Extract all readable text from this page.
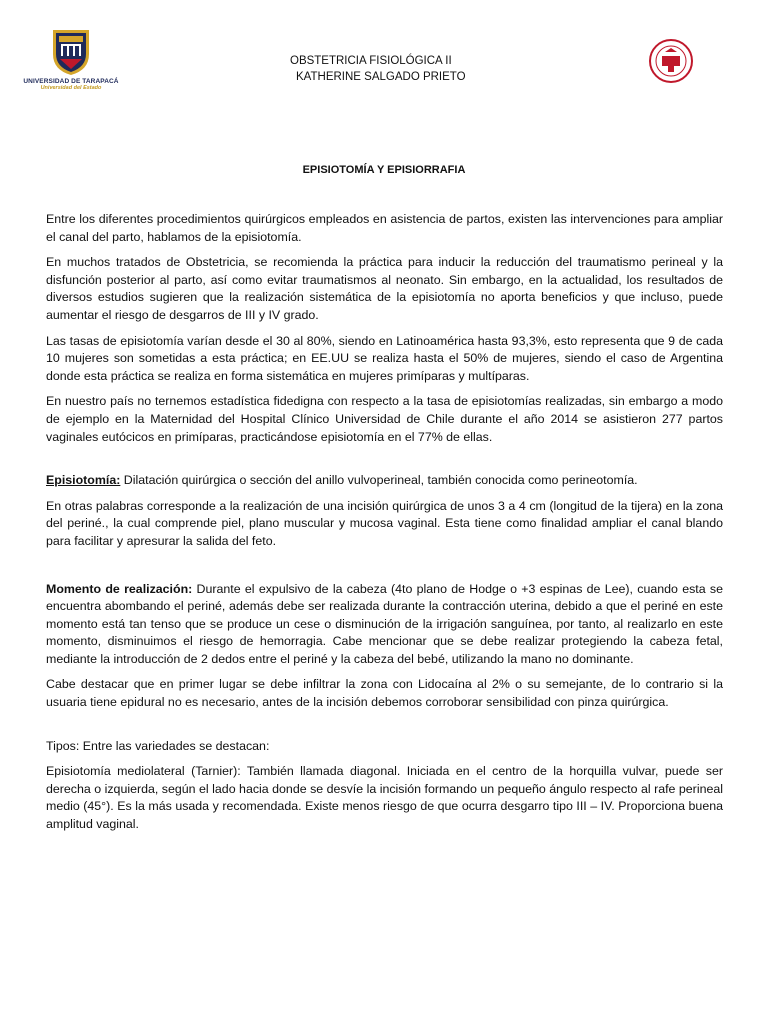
UNIVERSIDAD DE TARAPACÁ
Universidad del Estado
OBSTETRICIA FISIOLÓGICA II
KATHERINE SALGADO PRIETO
EPISIOTOMÍA Y EPISIORRAFIA

Entre los diferentes procedimientos quirúrgicos empleados en asistencia de partos, existen las intervenciones para ampliar el canal del parto, hablamos de la episiotomía.

En muchos tratados de Obstetricia, se recomienda la práctica para inducir la reducción del traumatismo perineal y la disfunción posterior al parto, así como evitar traumatismos al neonato. Sin embargo, en la actualidad, los resultados de diversos estudios sugieren que la realización sistemática de la episiotomía no aporta beneficios y que incluso, puede aumentar el riesgo de desgarros de III y IV grado.

Las tasas de episiotomía varían desde el 30 al 80%, siendo en Latinoamérica hasta 93,3%, esto representa que 9 de cada 10 mujeres son sometidas a esta práctica; en EE.UU se realiza hasta el 50% de mujeres, siendo el caso de Argentina donde esta práctica se realiza en forma sistemática en mujeres primíparas y multíparas.

En nuestro país no ternemos estadística fidedigna con respecto a la tasa de episiotomías realizadas, sin embargo a modo de ejemplo en la Maternidad del Hospital Clínico Universidad de Chile durante el año 2014 se asistieron 277 partos vaginales eutócicos en primíparas, practicándose episiotomía en el 77% de ellas.

Episiotomía: Dilatación quirúrgica o sección del anillo vulvoperineal, también conocida como perineotomía.

En otras palabras corresponde a la realización de una incisión quirúrgica de unos 3 a 4 cm (longitud de la tijera) en la zona del periné., la cual comprende piel, plano muscular y mucosa vaginal. Esta tiene como finalidad ampliar el canal blando para facilitar y apresurar la salida del feto.

Momento de realización: Durante el expulsivo de la cabeza (4to plano de Hodge o +3 espinas de Lee), cuando esta se encuentra abombando el periné, además debe ser realizada durante la contracción uterina, debido a que el periné en este momento está tan tenso que se produce un cese o disminución de la irrigación sanguínea, por tanto, al realizarlo en este momento, disminuimos el riesgo de hemorragia. Cabe mencionar que se debe realizar protegiendo la cabeza fetal, mediante la introducción de 2 dedos entre el periné y la cabeza del bebé, utilizando la mano no dominante.

Cabe destacar que en primer lugar se debe infiltrar la zona con Lidocaína al 2% o su semejante, de lo contrario si la usuaria tiene epidural no es necesario, antes de la incisión debemos corroborar sensibilidad con pinza quirúrgica.

Tipos: Entre las variedades se destacan:

Episiotomía mediolateral (Tarnier): También llamada diagonal. Iniciada en el centro de la horquilla vulvar, puede ser derecha o izquierda, según el lado hacia donde se desvíe la incisión formando un pequeño ángulo respecto al rafe perineal medio (45°). Es la más usada y recomendada. Existe menos riesgo de que ocurra desgarro tipo III – IV. Proporciona buena amplitud vaginal.
